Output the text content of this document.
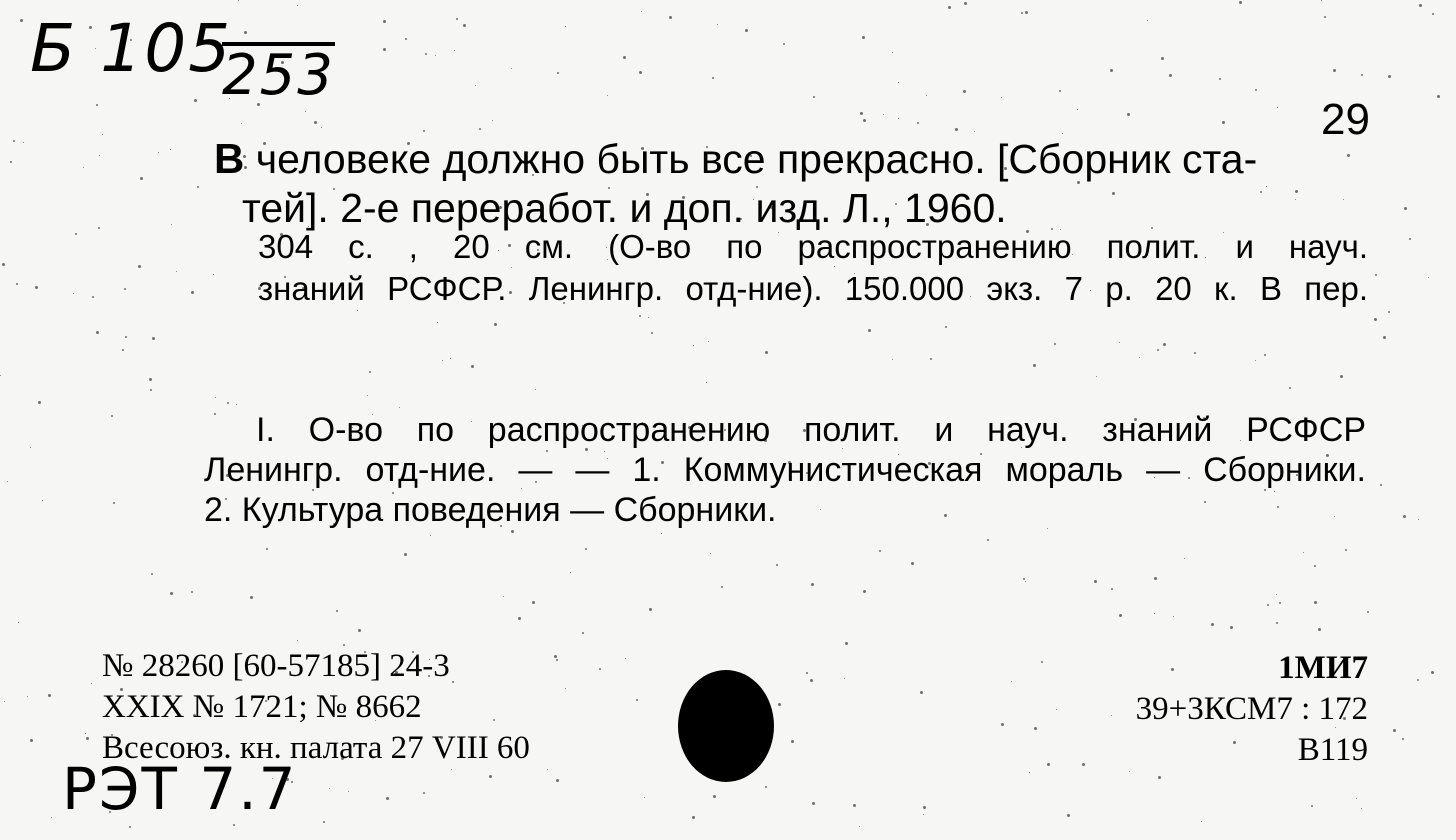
Б 105
253
29
В человеке должно быть все прекрасно. [Сборник ста-
тей]. 2-е переработ. и доп. изд. Л., 1960.
304 с. , 20 см. (О-во по распространению полит. и науч.
знаний РСФСР. Ленингр. отд-ние). 150.000 экз. 7 р. 20 к. В пер.
I. О-во по распространению полит. и науч. знаний РСФСР
Ленингр. отд-ние. — — 1. Коммунистическая мораль — Сборники.
2. Культура поведения — Сборники.
№ 28260 [60-57185] 24-3
XXIX № 1721; № 8662
Всесоюз. кн. палата 27 VIII 60
1МИ7
39+3КСМ7 : 172
В119
РЭТ 7.7
